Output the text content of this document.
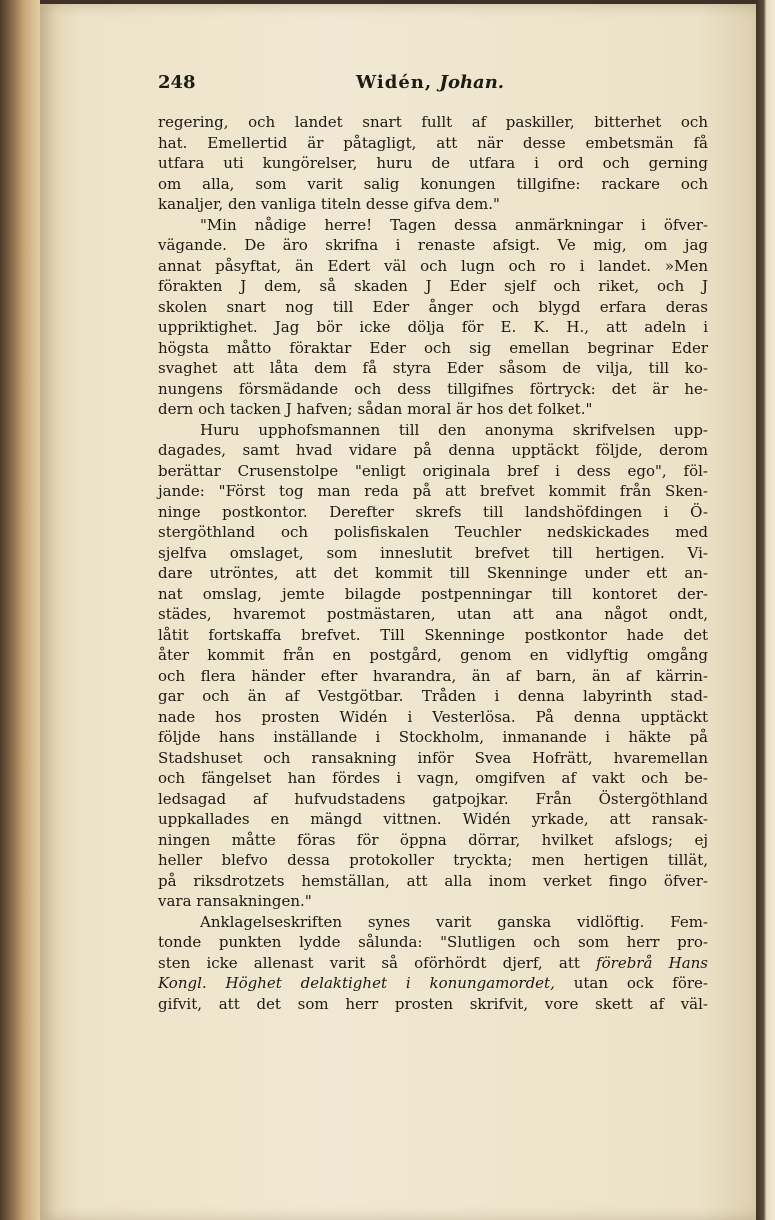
248	Widén, Johan.
regering, och landet snart fullt af paskiller, bitterhet och
hat. Emellertid är påtagligt, att när desse embetsmän få
utfara uti kungörelser, huru de utfara i ord och gerning
om alla, som varit salig konungen tillgifne: rackare och
kanaljer, den vanliga titeln desse gifva dem."
"Min nådige herre! Tagen dessa anmärkningar i öfver-
vägande. De äro skrifna i renaste afsigt. Ve mig, om jag
annat påsyftat, än Edert väl och lugn och ro i landet. »Men
förakten J dem, så skaden J Eder sjelf och riket, och J
skolen snart nog till Eder ånger och blygd erfara deras
uppriktighet. Jag bör icke dölja för E. K. H., att adeln i
högsta måtto föraktar Eder och sig emellan begrinar Eder
svaghet att låta dem få styra Eder såsom de vilja, till ko-
nungens försmädande och dess tillgifnes förtryck: det är he-
dern och tacken J hafven; sådan moral är hos det folket."
Huru upphofsmannen till den anonyma skrifvelsen upp-
dagades, samt hvad vidare på denna upptäckt följde, derom
berättar Crusenstolpe "enligt originala bref i dess ego", föl-
jande: "Först tog man reda på att brefvet kommit från Sken-
ninge postkontor. Derefter skrefs till landshöfdingen i Ö-
stergöthland och polisfiskalen Teuchler nedskickades med
sjelfva omslaget, som inneslutit brefvet till hertigen. Vi-
dare utröntes, att det kommit till Skenninge under ett an-
nat omslag, jemte bilagde postpenningar till kontoret der-
städes, hvaremot postmästaren, utan att ana något ondt,
låtit fortskaffa brefvet. Till Skenninge postkontor hade det
åter kommit från en postgård, genom en vidlyftig omgång
och flera händer efter hvarandra, än af barn, än af kärrin-
gar och än af Vestgötbar. Tråden i denna labyrinth stad-
nade hos prosten Widén i Vesterlösa. På denna upptäckt
följde hans inställande i Stockholm, inmanande i häkte på
Stadshuset och ransakning inför Svea Hofrätt, hvaremellan
och fängelset han fördes i vagn, omgifven af vakt och be-
ledsagad af hufvudstadens gatpojkar. Från Östergöthland
uppkallades en mängd vittnen. Widén yrkade, att ransak-
ningen måtte föras för öppna dörrar, hvilket afslogs; ej
heller blefvo dessa protokoller tryckta; men hertigen tillät,
på riksdrotzets hemställan, att alla inom verket fingo öfver-
vara ransakningen."
Anklagelseskriften synes varit ganska vidlöftig. Fem-
tonde punkten lydde sålunda: "Slutligen och som herr pro-
sten icke allenast varit så oförhördt djerf, att förebrå Hans
Kongl. Höghet delaktighet i konungamordet, utan ock före-
gifvit, att det som herr prosten skrifvit, vore skett af väl-
